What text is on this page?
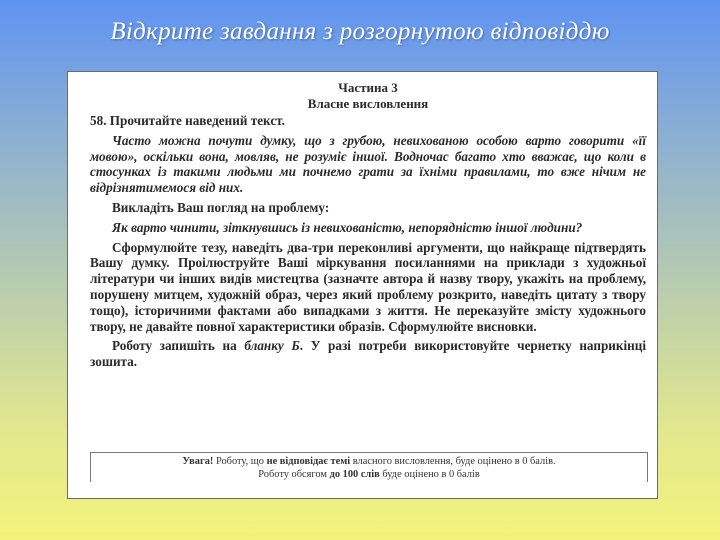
Відкрите завдання з розгорнутою відповіддю
Частина 3
Власне висловлення
58. Прочитайте наведений текст.
Часто можна почути думку, що з грубою, невихованою особою варто говорити «її мовою», оскільки вона, мовляв, не розуміє іншої. Водночас багато хто вважає, що коли в стосунках із такими людьми ми почнемо грати за їхніми правилами, то вже нічим не відрізнятимемося від них.
Викладіть Ваш погляд на проблему:
Як варто чинити, зіткнувшись із невихованістю, непорядністю іншої людини?
Сформулюйте тезу, наведіть два-три переконливі аргументи, що найкраще підтвердять Вашу думку. Проілюструйте Ваші міркування посиланнями на приклади з художньої літератури чи інших видів мистецтва (зазначте автора й назву твору, укажіть на проблему, порушену митцем, художній образ, через який проблему розкрито, наведіть цитату з твору тощо), історичними фактами або випадками з життя. Не переказуйте змісту художнього твору, не давайте повної характеристики образів. Сформулюйте висновки.
Роботу запишіть на бланку Б. У разі потреби використовуйте чернетку наприкінці зошита.
Увага! Роботу, що не відповідає темі власного висловлення, буде оцінено в 0 балів.
Роботу обсягом до 100 слів буде оцінено в 0 балів
